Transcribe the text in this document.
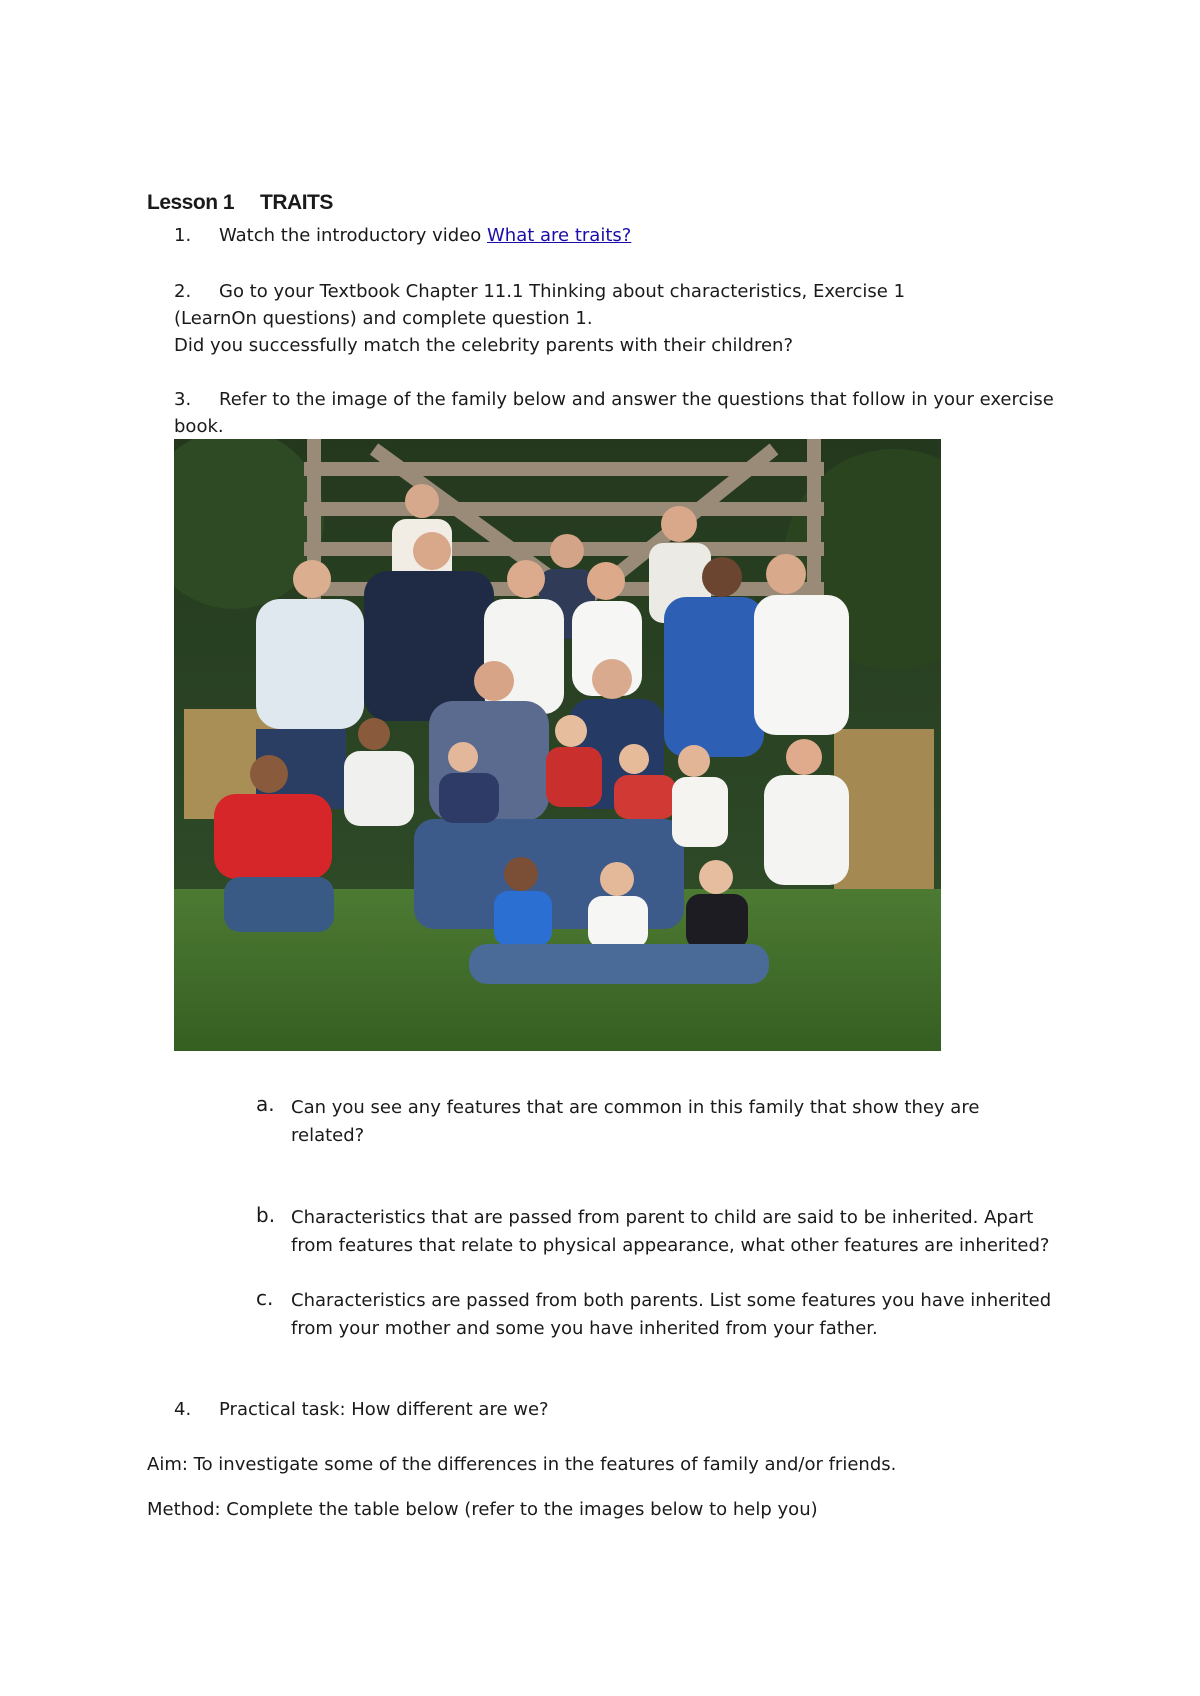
Lesson 1 TRAITS
1. Watch the introductory video What are traits?
2. Go to your Textbook Chapter 11.1 Thinking about characteristics, Exercise 1
(LearnOn questions) and complete question 1.
Did you successfully match the celebrity parents with their children?
3. Refer to the image of the family below and answer the questions that follow in your exercise
book.
a. Can you see any features that are common in this family that show they are related?
b. Characteristics that are passed from parent to child are said to be inherited. Apart from features that relate to physical appearance, what other features are inherited?
c. Characteristics are passed from both parents. List some features you have inherited from your mother and some you have inherited from your father.
4. Practical task: How different are we?
Aim: To investigate some of the differences in the features of family and/or friends.
Method: Complete the table below (refer to the images below to help you)
